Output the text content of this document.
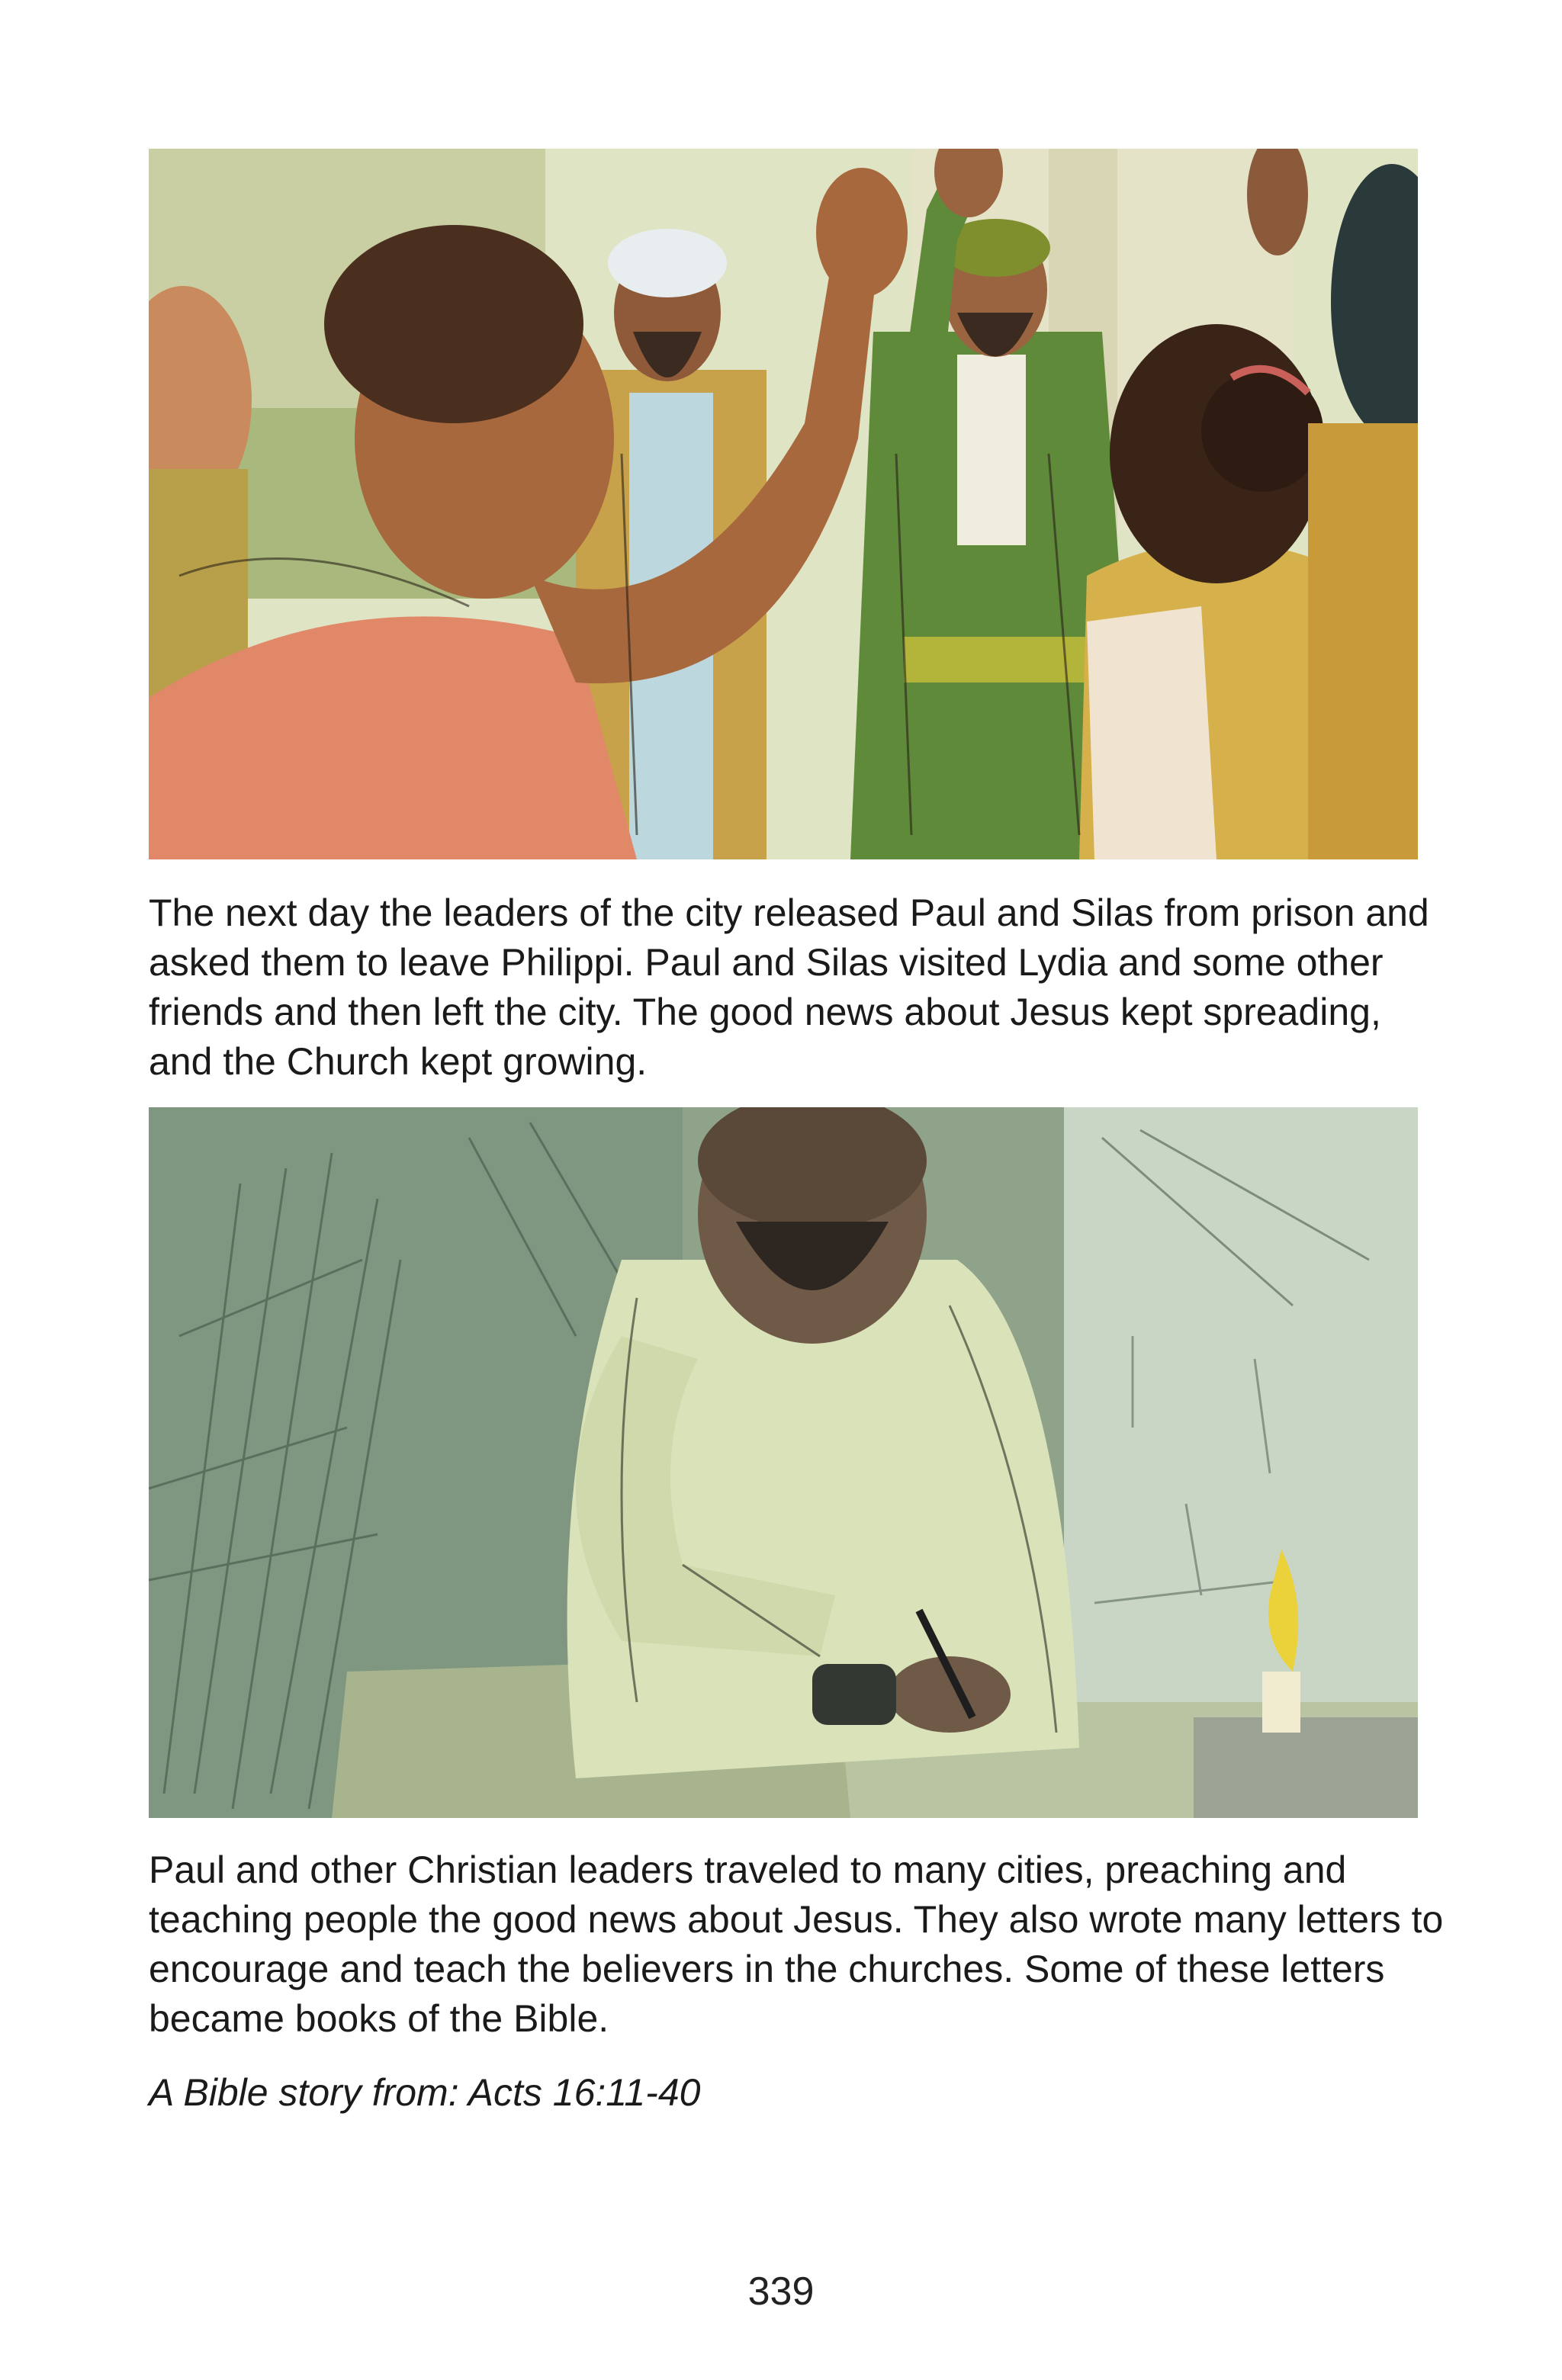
The next day the leaders of the city released Paul and Silas from prison and asked them to leave Philippi. Paul and Silas visited Lydia and some other friends and then left the city. The good news about Jesus kept spreading, and the Church kept growing.

Paul and other Christian leaders traveled to many cities, preaching and teaching people the good news about Jesus. They also wrote many letters to encourage and teach the believers in the churches. Some of these letters became books of the Bible.

A Bible story from: Acts 16:11-40

339
